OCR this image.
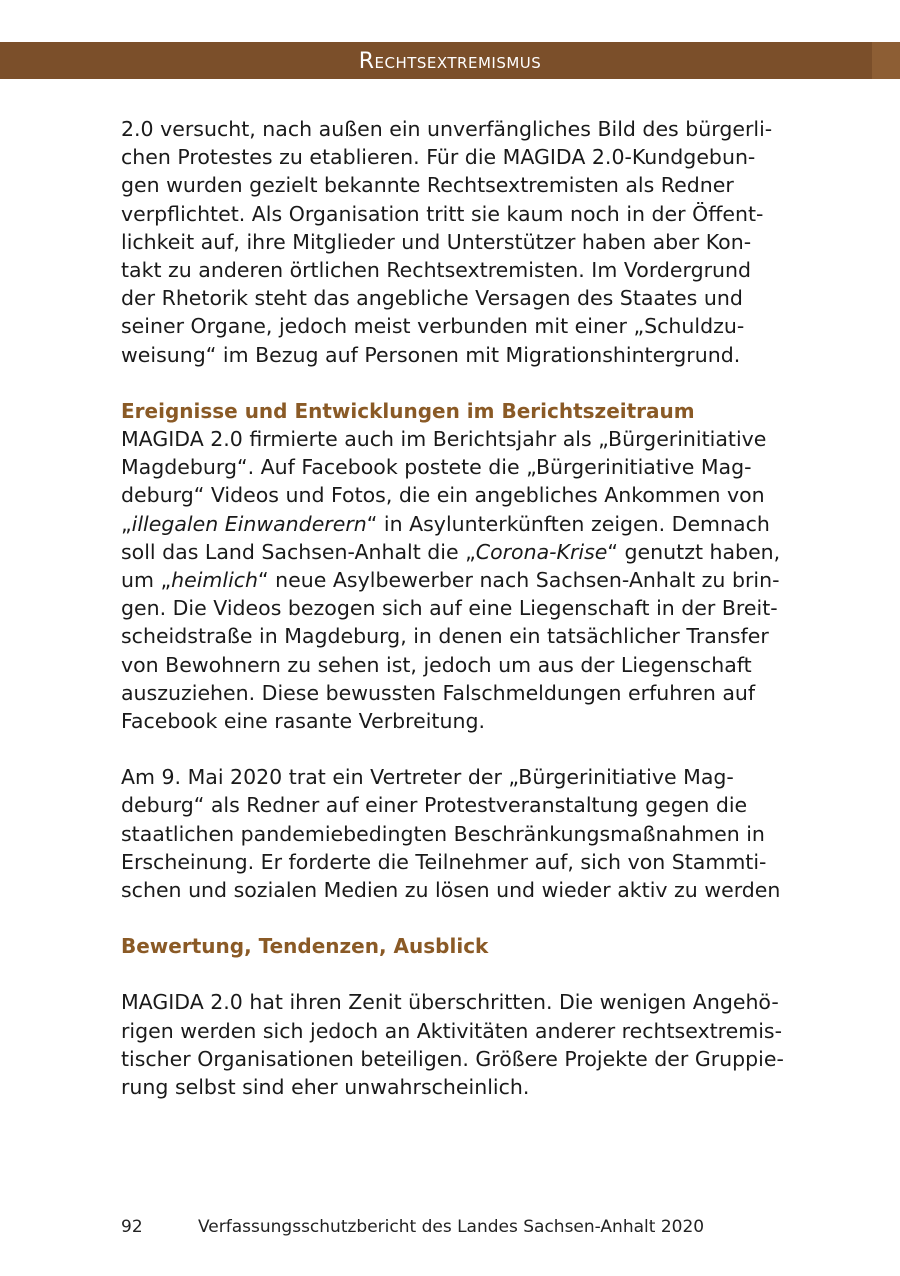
Rechtsextremismus
2.0 versucht, nach außen ein unverfängliches Bild des bürgerli-
chen Protestes zu etablieren. Für die MAGIDA 2.0-Kundgebun-
gen wurden gezielt bekannte Rechtsextremisten als Redner
verpflichtet. Als Organisation tritt sie kaum noch in der Öffent-
lichkeit auf, ihre Mitglieder und Unterstützer haben aber Kon-
takt zu anderen örtlichen Rechtsextremisten. Im Vordergrund
der Rhetorik steht das angebliche Versagen des Staates und
seiner Organe, jedoch meist verbunden mit einer „Schuldzu-
weisung“ im Bezug auf Personen mit Migrationshintergrund.
Ereignisse und Entwicklungen im Berichtszeitraum
MAGIDA 2.0 firmierte auch im Berichtsjahr als „Bürgerinitiative
Magdeburg“. Auf Facebook postete die „Bürgerinitiative Mag-
deburg“ Videos und Fotos, die ein angebliches Ankommen von
„illegalen Einwanderern“ in Asylunterkünften zeigen. Demnach
soll das Land Sachsen-Anhalt die „Corona-Krise“ genutzt haben,
um „heimlich“ neue Asylbewerber nach Sachsen-Anhalt zu brin-
gen. Die Videos bezogen sich auf eine Liegenschaft in der Breit-
scheidstraße in Magdeburg, in denen ein tatsächlicher Transfer
von Bewohnern zu sehen ist, jedoch um aus der Liegenschaft
auszuziehen. Diese bewussten Falschmeldungen erfuhren auf
Facebook eine rasante Verbreitung.
Am 9. Mai 2020 trat ein Vertreter der „Bürgerinitiative Mag-
deburg“ als Redner auf einer Protestveranstaltung gegen die
staatlichen pandemiebedingten Beschränkungsmaßnahmen in
Erscheinung. Er forderte die Teilnehmer auf, sich von Stammti-
schen und sozialen Medien zu lösen und wieder aktiv zu werden
Bewertung, Tendenzen, Ausblick
MAGIDA 2.0 hat ihren Zenit überschritten. Die wenigen Angehö-
rigen werden sich jedoch an Aktivitäten anderer rechtsextremis-
tischer Organisationen beteiligen. Größere Projekte der Gruppie-
rung selbst sind eher unwahrscheinlich.
92	Verfassungsschutzbericht des Landes Sachsen-Anhalt 2020
